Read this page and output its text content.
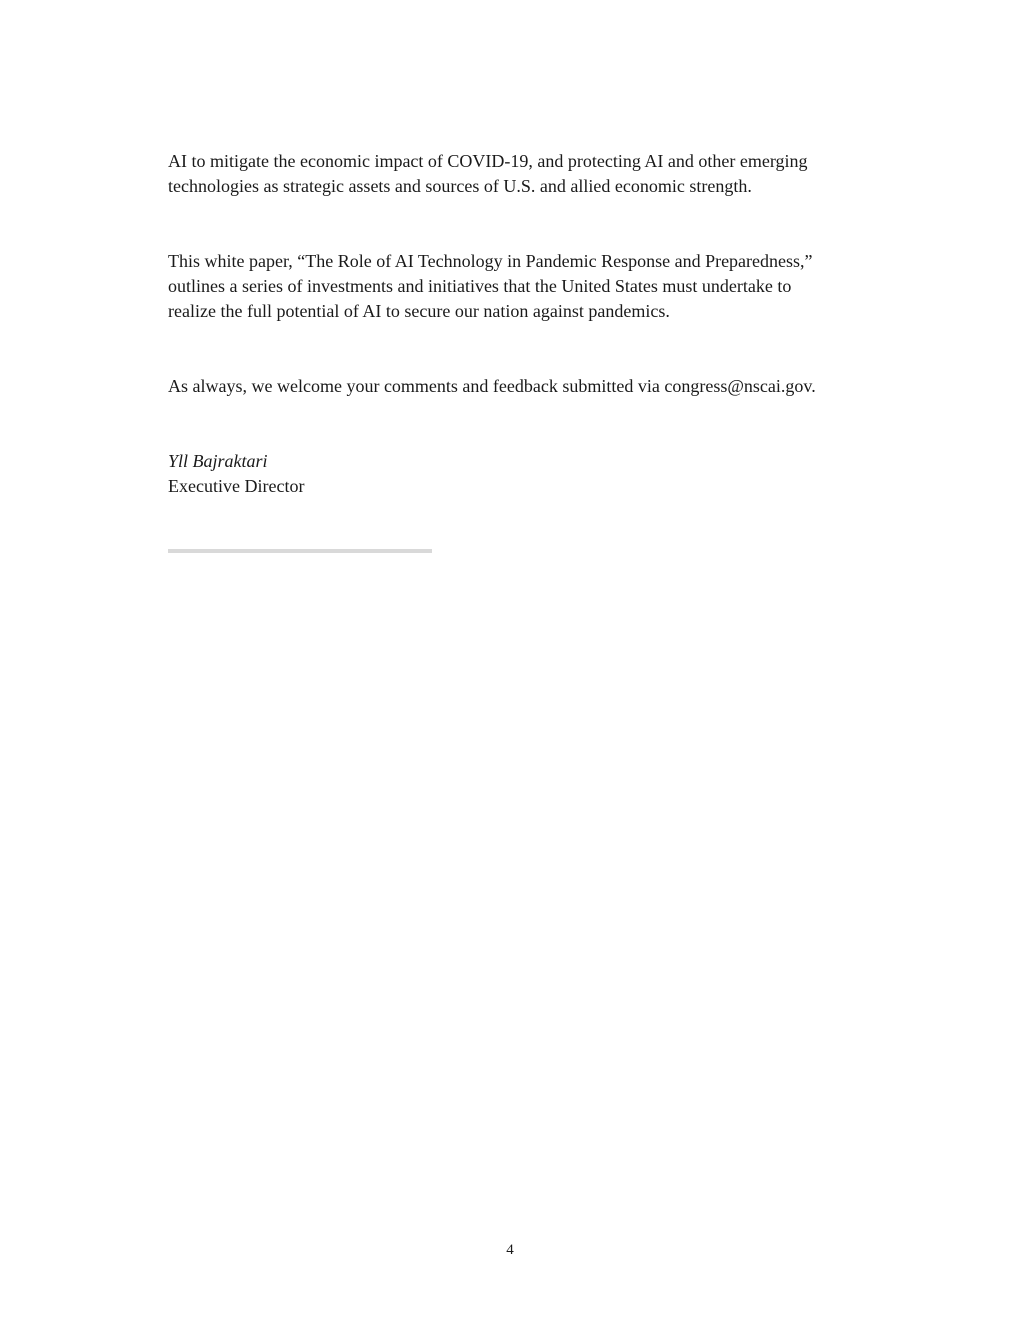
AI to mitigate the economic impact of COVID-19, and protecting AI and other emerging technologies as strategic assets and sources of U.S. and allied economic strength.

This white paper, “The Role of AI Technology in Pandemic Response and Preparedness,” outlines a series of investments and initiatives that the United States must undertake to realize the full potential of AI to secure our nation against pandemics.

As always, we welcome your comments and feedback submitted via congress@nscai.gov.

Yll Bajraktari
Executive Director
4
